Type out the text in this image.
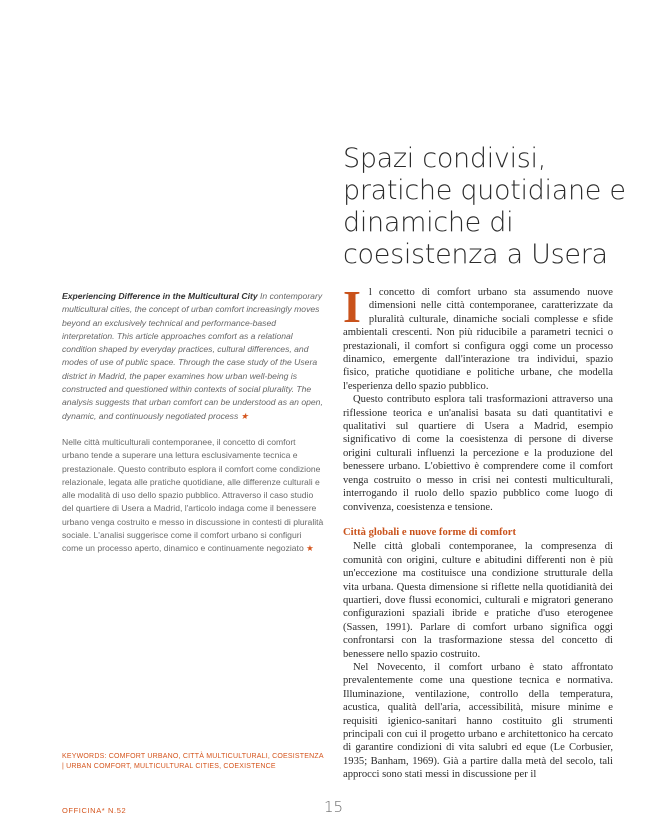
Spazi condivisi, pratiche quotidiane e dinamiche di coesistenza a Usera

Experiencing Difference in the Multicultural City In contemporary multicultural cities, the concept of urban comfort increasingly moves beyond an exclusively technical and performance-based interpretation. This article approaches comfort as a relational condition shaped by everyday practices, cultural differences, and modes of use of public space. Through the case study of the Usera district in Madrid, the paper examines how urban well-being is constructed and questioned within contexts of social plurality. The analysis suggests that urban comfort can be understood as an open, dynamic, and continuously negotiated process ★

Nelle città multiculturali contemporanee, il concetto di comfort urbano tende a superare una lettura esclusivamente tecnica e prestazionale. Questo contributo esplora il comfort come condizione relazionale, legata alle pratiche quotidiane, alle differenze culturali e alle modalità di uso dello spazio pubblico. Attraverso il caso studio del quartiere di Usera a Madrid, l'articolo indaga come il benessere urbano venga costruito e messo in discussione in contesti di pluralità sociale. L'analisi suggerisce come il comfort urbano si configuri come un processo aperto, dinamico e continuamente negoziato ★

KEYWORDS: COMFORT URBANO, CITTÀ MULTICULTURALI, COESISTENZA | URBAN COMFORT, MULTICULTURAL CITIES, COEXISTENCE

Il concetto di comfort urbano sta assumendo nuove dimensioni nelle città contemporanee, caratterizzate da pluralità culturale, dinamiche sociali complesse e sfide ambientali crescenti. Non più riducibile a parametri tecnici o prestazionali, il comfort si configura oggi come un processo dinamico, emergente dall'interazione tra individui, spazio fisico, pratiche quotidiane e politiche urbane, che modella l'esperienza dello spazio pubblico.

Questo contributo esplora tali trasformazioni attraverso una riflessione teorica e un'analisi basata su dati quantitativi e qualitativi sul quartiere di Usera a Madrid, esempio significativo di come la coesistenza di persone di diverse origini culturali influenzi la percezione e la produzione del benessere urbano. L'obiettivo è comprendere come il comfort venga costruito o messo in crisi nei contesti multiculturali, interrogando il ruolo dello spazio pubblico come luogo di convivenza, coesistenza e tensione.

Città globali e nuove forme di comfort

Nelle città globali contemporanee, la compresenza di comunità con origini, culture e abitudini differenti non è più un'eccezione ma costituisce una condizione strutturale della vita urbana. Questa dimensione si riflette nella quotidianità dei quartieri, dove flussi economici, culturali e migratori generano configurazioni spaziali ibride e pratiche d'uso eterogenee (Sassen, 1991). Parlare di comfort urbano significa oggi confrontarsi con la trasformazione stessa del concetto di benessere nello spazio costruito.

Nel Novecento, il comfort urbano è stato affrontato prevalentemente come una questione tecnica e normativa. Illuminazione, ventilazione, controllo della temperatura, acustica, qualità dell'aria, accessibilità, misure minime e requisiti igienico-sanitari hanno costituito gli strumenti principali con cui il progetto urbano e architettonico ha cercato di garantire condizioni di vita salubri ed eque (Le Corbusier, 1935; Banham, 1969). Già a partire dalla metà del secolo, tali approcci sono stati messi in discussione per il

OFFICINA* N.52	15
